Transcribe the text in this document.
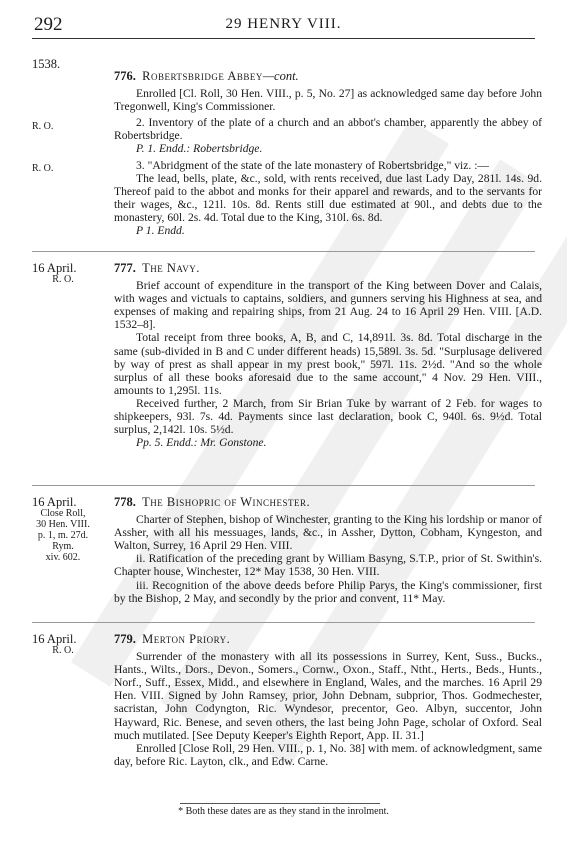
292	29 HENRY VIII.
1538.

776. Robertsbridge Abbey—cont.

Enrolled [Cl. Roll, 30 Hen. VIII., p. 5, No. 27] as acknowledged same day before John Tregonwell, King's Commissioner.

2. Inventory of the plate of a church and an abbot's chamber, apparently the abbey of Robertsbridge.

P. 1. Endd.: Robertsbridge.

3. "Abridgment of the state of the late monastery of Robertsbridge," viz. :—

The lead, bells, plate, &c., sold, with rents received, due last Lady Day, 281l. 14s. 9d. Thereof paid to the abbot and monks for their apparel and rewards, and to the servants for their wages, &c., 121l. 10s. 8d. Rents still due estimated at 90l., and debts due to the monastery, 60l. 2s. 4d. Total due to the King, 310l. 6s. 8d.

P 1. Endd.

R. O.
R. O.
16 April.
R. O.

777. The Navy.

Brief account of expenditure in the transport of the King between Dover and Calais, with wages and victuals to captains, soldiers, and gunners serving his Highness at sea, and expenses of making and repairing ships, from 21 Aug. 24 to 16 April 29 Hen. VIII. [A.D. 1532–8].

Total receipt from three books, A, B, and C, 14,891l. 3s. 8d. Total discharge in the same (sub-divided in B and C under different heads) 15,589l. 3s. 5d. "Surplusage delivered by way of prest as shall appear in my prest book," 597l. 11s. 2½d. "And so the whole surplus of all these books aforesaid due to the same account," 4 Nov. 29 Hen. VIII., amounts to 1,295l. 11s.

Received further, 2 March, from Sir Brian Tuke by warrant of 2 Feb. for wages to shipkeepers, 93l. 7s. 4d. Payments since last declaration, book C, 940l. 6s. 9½d. Total surplus, 2,142l. 10s. 5½d.

Pp. 5. Endd.: Mr. Gonstone.

16 April.
Close Roll,
30 Hen. VIII.
p. 1, m. 27d.
Rym.
xiv. 602.

778. The Bishopric of Winchester.

Charter of Stephen, bishop of Winchester, granting to the King his lordship or manor of Assher, with all his messuages, lands, &c., in Assher, Dytton, Cobham, Kyngeston, and Walton, Surrey, 16 April 29 Hen. VIII.

ii. Ratification of the preceding grant by William Basyng, S.T.P., prior of St. Swithin's. Chapter house, Winchester, 12* May 1538, 30 Hen. VIII.

iii. Recognition of the above deeds before Philip Parys, the King's commissioner, first by the Bishop, 2 May, and secondly by the prior and convent, 11* May.

16 April.
R. O.

779. Merton Priory.

Surrender of the monastery with all its possessions in Surrey, Kent, Suss., Bucks., Hants., Wilts., Dors., Devon., Somers., Cornw., Oxon., Staff., Ntht., Herts., Beds., Hunts., Norf., Suff., Essex, Midd., and elsewhere in England, Wales, and the marches. 16 April 29 Hen. VIII. Signed by John Ramsey, prior, John Debnam, subprior, Thos. Godmechester, sacristan, John Codyngton, Ric. Wyndesor, precentor, Geo. Albyn, succentor, John Hayward, Ric. Benese, and seven others, the last being John Page, scholar of Oxford. Seal much mutilated. [See Deputy Keeper's Eighth Report, App. II. 31.]

Enrolled [Close Roll, 29 Hen. VIII., p. 1, No. 38] with mem. of acknowledgment, same day, before Ric. Layton, clk., and Edw. Carne.

* Both these dates are as they stand in the inrolment.
